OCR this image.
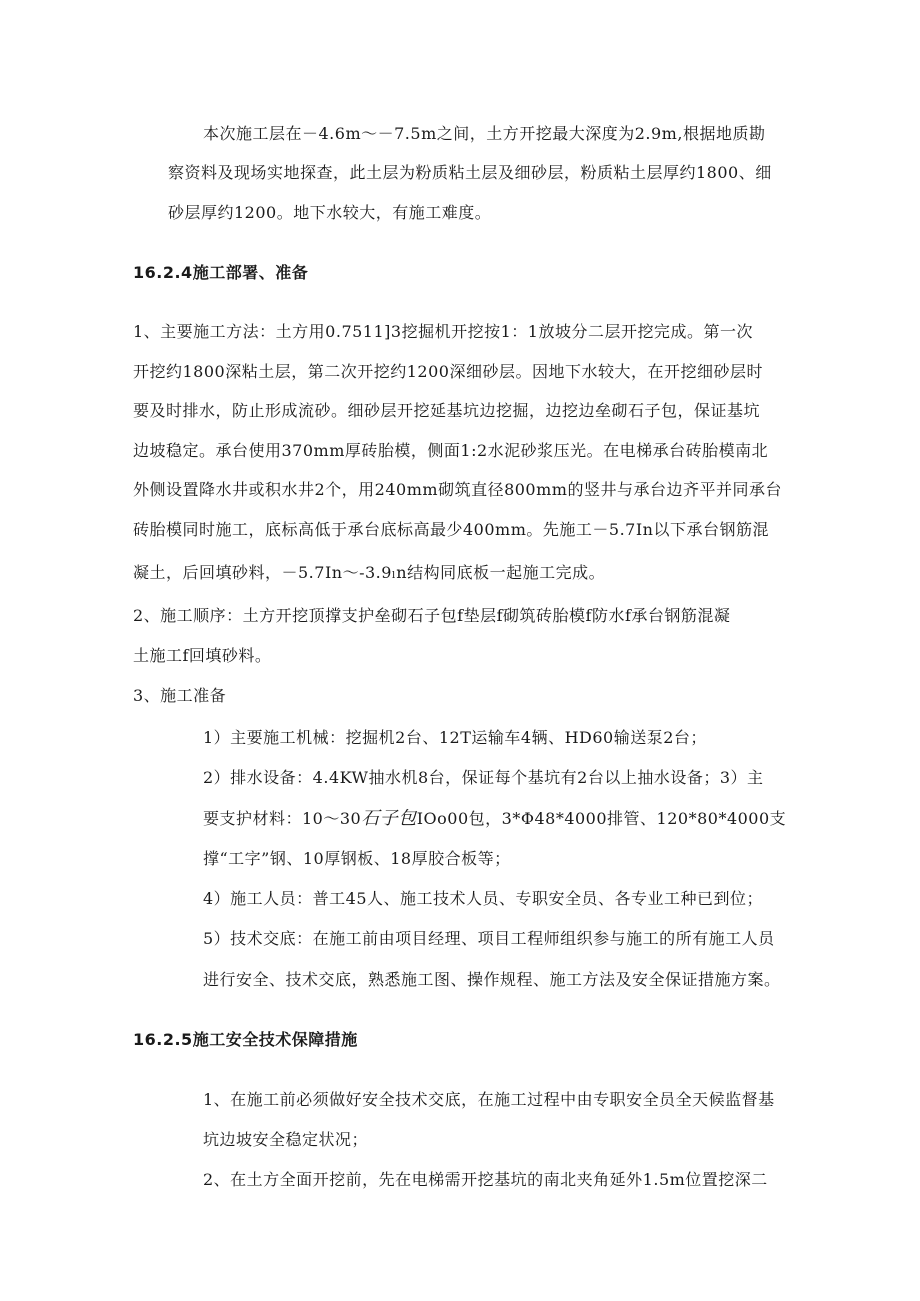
本次施工层在－4.6m～－7.5m之间，土方开挖最大深度为2.9m,根据地质勘
察资料及现场实地探查，此土层为粉质粘土层及细砂层，粉质粘土层厚约1800、细
砂层厚约1200。地下水较大，有施工难度。
16.2.4施工部署、准备
1、主要施工方法：土方用0.7511]3挖掘机开挖按1：1放坡分二层开挖完成。第一次
开挖约1800深粘土层，第二次开挖约1200深细砂层。因地下水较大，在开挖细砂层时
要及时排水，防止形成流砂。细砂层开挖延基坑边挖掘，边挖边垒砌石子包，保证基坑
边坡稳定。承台使用370mm厚砖胎模，侧面1:2水泥砂浆压光。在电梯承台砖胎模南北
外侧设置降水井或积水井2个，用240mm砌筑直径800mm的竖井与承台边齐平并同承台
砖胎模同时施工，底标高低于承台底标高最少400mm。先施工－5.7In以下承台钢筋混
凝土，后回填砂料，－5.7In～-3.9ₗn结构同底板一起施工完成。
2、施工顺序：土方开挖顶撑支护垒砌石子包f垫层f砌筑砖胎模f防水f承台钢筋混凝
土施工f回填砂料。
3、施工准备
1）主要施工机械：挖掘机2台、12T运输车4辆、HD60输送泵2台；
2）排水设备：4.4KW抽水机8台，保证每个基坑有2台以上抽水设备；3）主
要支护材料：10～30石子包IOo00包，3*Φ48*4000排管、120*80*4000支
撑“工字”钢、10厚钢板、18厚胶合板等；
4）施工人员：普工45人、施工技术人员、专职安全员、各专业工种已到位；
5）技术交底：在施工前由项目经理、项目工程师组织参与施工的所有施工人员
进行安全、技术交底，熟悉施工图、操作规程、施工方法及安全保证措施方案。
16.2.5施工安全技术保障措施
1、在施工前必须做好安全技术交底，在施工过程中由专职安全员全天候监督基
坑边坡安全稳定状况；
2、在土方全面开挖前，先在电梯需开挖基坑的南北夹角延外1.5m位置挖深二
